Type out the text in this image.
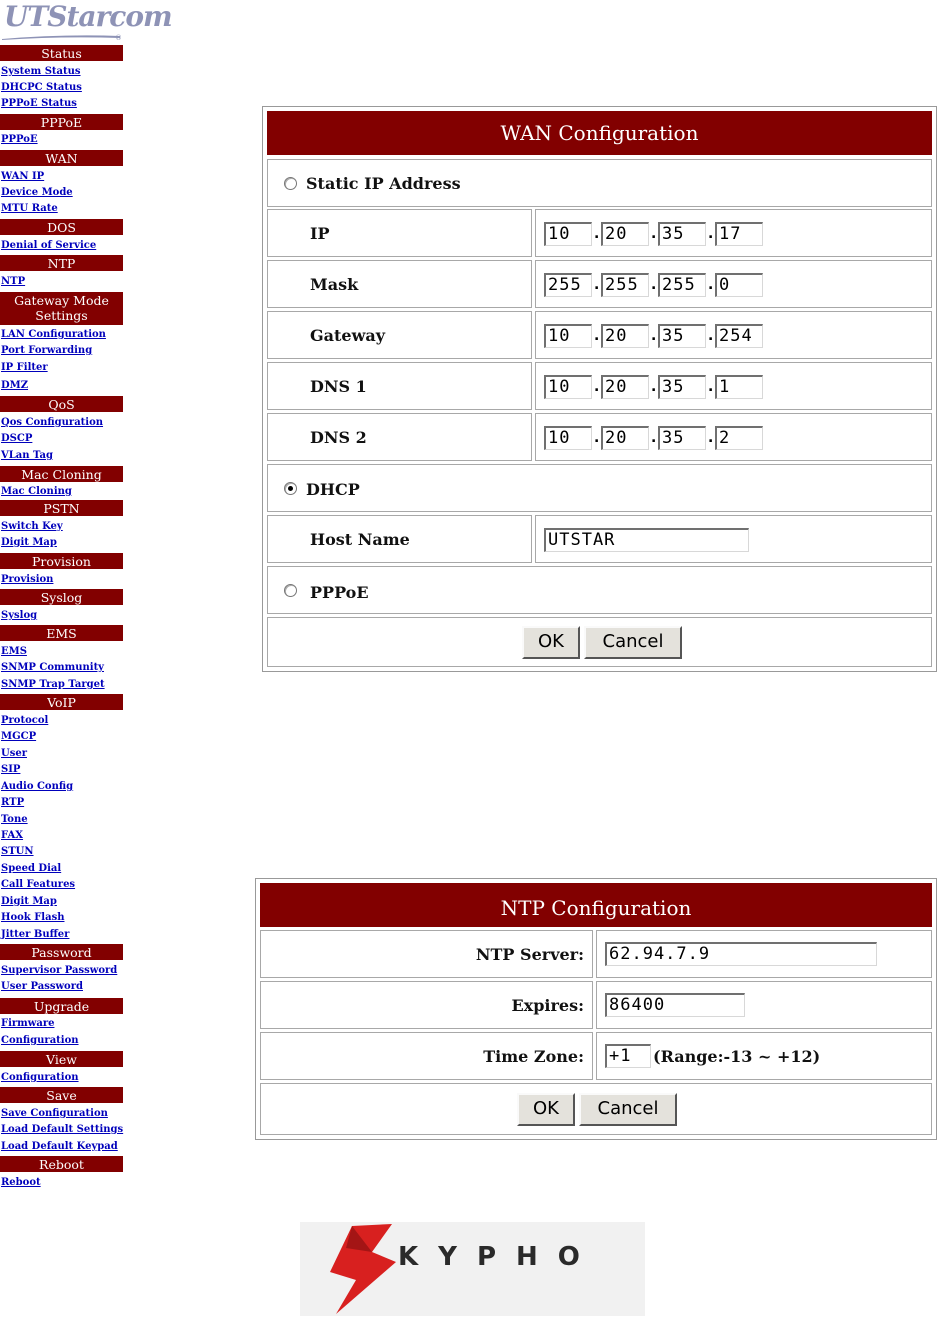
UTStarcom
®
Status
System Status
DHCPC Status
PPPoE Status
PPPoE
PPPoE
WAN
WAN IP
Device Mode
MTU Rate
DOS
Denial of Service
NTP
NTP
Gateway Mode
Settings
LAN Configuration
Port Forwarding
IP Filter
DMZ
QoS
Qos Configuration
DSCP
VLan Tag
Mac Cloning
Mac Cloning
PSTN
Switch Key
Digit Map
Provision
Provision
Syslog
Syslog
EMS
EMS
SNMP Community
SNMP Trap Target
VoIP
Protocol
MGCP
User
SIP
Audio Config
RTP
Tone
FAX
STUN
Speed Dial
Call Features
Digit Map
Hook Flash
Jitter Buffer
Password
Supervisor Password
User Password
Upgrade
Firmware
Configuration
View
Configuration
Save
Save Configuration
Load Default Settings
Load Default Keypad
Reboot
Reboot
WAN Configuration
Static IP Address
IP	10	. 20	. 35	. 17
Mask	255 . 255 . 255 . 0
Gateway	10	. 20	. 35	. 254
DNS 1	10	. 20	. 35	. 1
DNS 2	10	. 20	. 35	. 2
DHCP
Host Name	UTSTAR
PPPoE
OK	Cancel
NTP Configuration
NTP Server: 62.94.7.9
Expires: 86400
Time Zone: +1	(Range:-13 ~ +12)
OK	Cancel
KYPHO
